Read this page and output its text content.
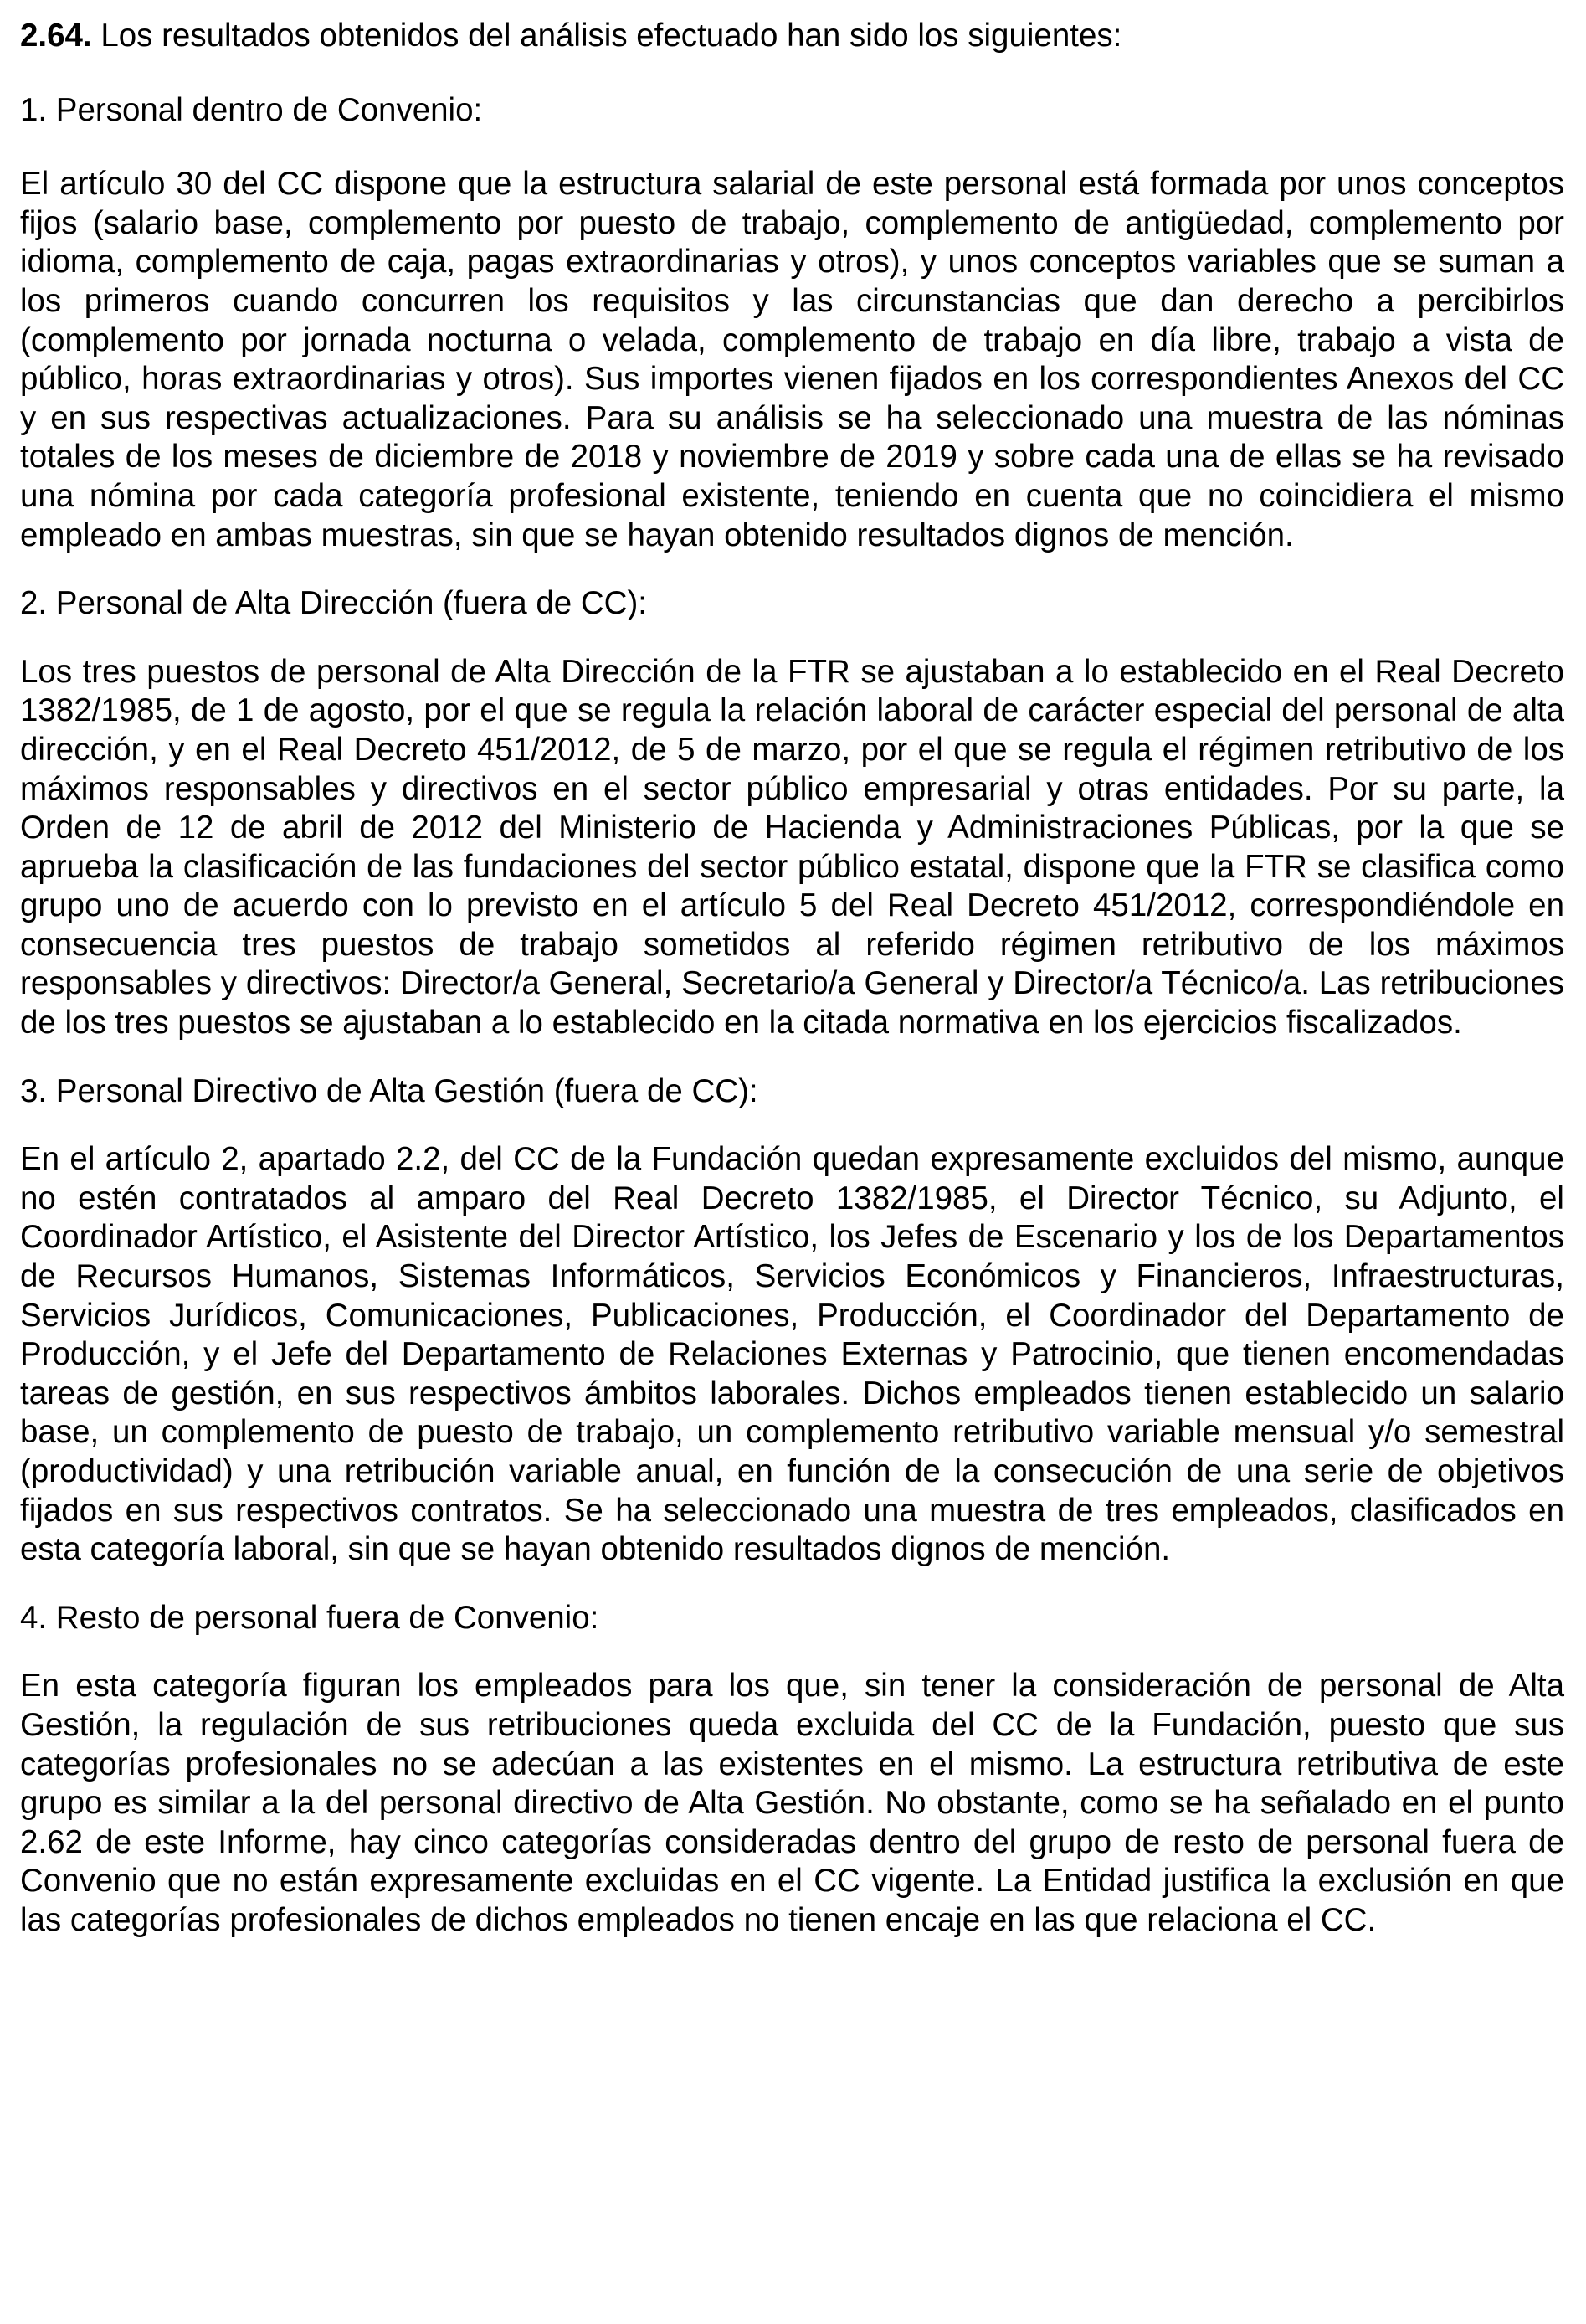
2.64. Los resultados obtenidos del análisis efectuado han sido los siguientes:

1. Personal dentro de Convenio:

El artículo 30 del CC dispone que la estructura salarial de este personal está formada por unos conceptos fijos (salario base, complemento por puesto de trabajo, complemento de antigüedad, complemento por idioma, complemento de caja, pagas extraordinarias y otros), y unos conceptos variables que se suman a los primeros cuando concurren los requisitos y las circunstancias que dan derecho a percibirlos (complemento por jornada nocturna o velada, complemento de trabajo en día libre, trabajo a vista de público, horas extraordinarias y otros). Sus importes vienen fijados en los correspondientes Anexos del CC y en sus respectivas actualizaciones. Para su análisis se ha seleccionado una muestra de las nóminas totales de los meses de diciembre de 2018 y noviembre de 2019 y sobre cada una de ellas se ha revisado una nómina por cada categoría profesional existente, teniendo en cuenta que no coincidiera el mismo empleado en ambas muestras, sin que se hayan obtenido resultados dignos de mención.

2. Personal de Alta Dirección (fuera de CC):

Los tres puestos de personal de Alta Dirección de la FTR se ajustaban a lo establecido en el Real Decreto 1382/1985, de 1 de agosto, por el que se regula la relación laboral de carácter especial del personal de alta dirección, y en el Real Decreto 451/2012, de 5 de marzo, por el que se regula el régimen retributivo de los máximos responsables y directivos en el sector público empresarial y otras entidades. Por su parte, la Orden de 12 de abril de 2012 del Ministerio de Hacienda y Administraciones Públicas, por la que se aprueba la clasificación de las fundaciones del sector público estatal, dispone que la FTR se clasifica como grupo uno de acuerdo con lo previsto en el artículo 5 del Real Decreto 451/2012, correspondiéndole en consecuencia tres puestos de trabajo sometidos al referido régimen retributivo de los máximos responsables y directivos: Director/a General, Secretario/a General y Director/a Técnico/a. Las retribuciones de los tres puestos se ajustaban a lo establecido en la citada normativa en los ejercicios fiscalizados.

3. Personal Directivo de Alta Gestión (fuera de CC):

En el artículo 2, apartado 2.2, del CC de la Fundación quedan expresamente excluidos del mismo, aunque no estén contratados al amparo del Real Decreto 1382/1985, el Director Técnico, su Adjunto, el Coordinador Artístico, el Asistente del Director Artístico, los Jefes de Escenario y los de los Departamentos de Recursos Humanos, Sistemas Informáticos, Servicios Económicos y Financieros, Infraestructuras, Servicios Jurídicos, Comunicaciones, Publicaciones, Producción, el Coordinador del Departamento de Producción, y el Jefe del Departamento de Relaciones Externas y Patrocinio, que tienen encomendadas tareas de gestión, en sus respectivos ámbitos laborales. Dichos empleados tienen establecido un salario base, un complemento de puesto de trabajo, un complemento retributivo variable mensual y/o semestral (productividad) y una retribución variable anual, en función de la consecución de una serie de objetivos fijados en sus respectivos contratos. Se ha seleccionado una muestra de tres empleados, clasificados en esta categoría laboral, sin que se hayan obtenido resultados dignos de mención.

4. Resto de personal fuera de Convenio:

En esta categoría figuran los empleados para los que, sin tener la consideración de personal de Alta Gestión, la regulación de sus retribuciones queda excluida del CC de la Fundación, puesto que sus categorías profesionales no se adecúan a las existentes en el mismo. La estructura retributiva de este grupo es similar a la del personal directivo de Alta Gestión. No obstante, como se ha señalado en el punto 2.62 de este Informe, hay cinco categorías consideradas dentro del grupo de resto de personal fuera de Convenio que no están expresamente excluidas en el CC vigente. La Entidad justifica la exclusión en que las categorías profesionales de dichos empleados no tienen encaje en las que relaciona el CC.
